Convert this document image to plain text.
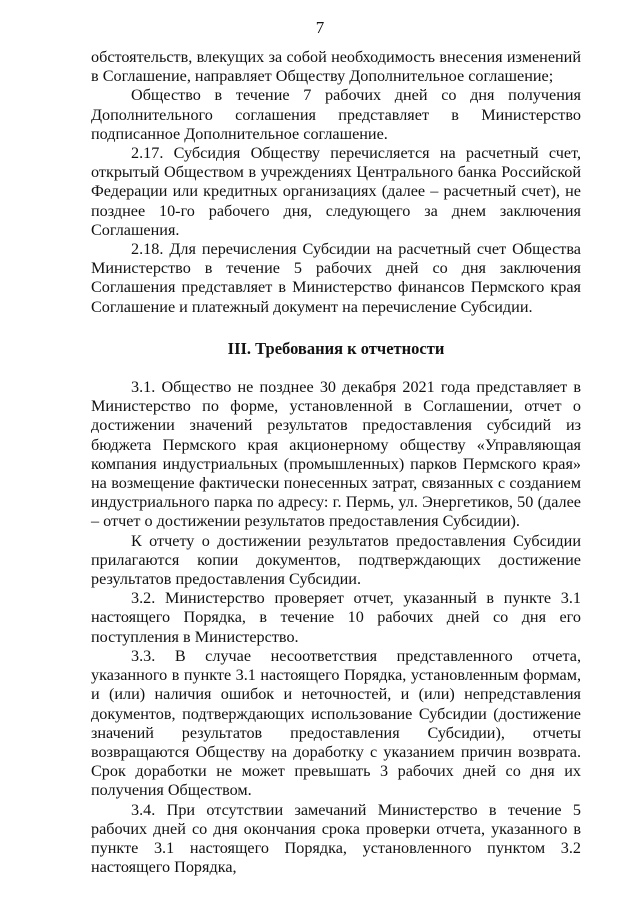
7

обстоятельств, влекущих за собой необходимость внесения изменений в Соглашение, направляет Обществу Дополнительное соглашение;

Общество в течение 7 рабочих дней со дня получения Дополнительного соглашения представляет в Министерство подписанное Дополнительное соглашение.

2.17. Субсидия Обществу перечисляется на расчетный счет, открытый Обществом в учреждениях Центрального банка Российской Федерации или кредитных организациях (далее – расчетный счет), не позднее 10-го рабочего дня, следующего за днем заключения Соглашения.

2.18. Для перечисления Субсидии на расчетный счет Общества Министерство в течение 5 рабочих дней со дня заключения Соглашения представляет в Министерство финансов Пермского края Соглашение и платежный документ на перечисление Субсидии.

III. Требования к отчетности

3.1. Общество не позднее 30 декабря 2021 года представляет в Министерство по форме, установленной в Соглашении, отчет о достижении значений результатов предоставления субсидий из бюджета Пермского края акционерному обществу «Управляющая компания индустриальных (промышленных) парков Пермского края» на возмещение фактически понесенных затрат, связанных с созданием индустриального парка по адресу: г. Пермь, ул. Энергетиков, 50 (далее – отчет о достижении результатов предоставления Субсидии).

К отчету о достижении результатов предоставления Субсидии прилагаются копии документов, подтверждающих достижение результатов предоставления Субсидии.

3.2. Министерство проверяет отчет, указанный в пункте 3.1 настоящего Порядка, в течение 10 рабочих дней со дня его поступления в Министерство.

3.3. В случае несоответствия представленного отчета, указанного в пункте 3.1 настоящего Порядка, установленным формам, и (или) наличия ошибок и неточностей, и (или) непредставления документов, подтверждающих использование Субсидии (достижение значений результатов предоставления Субсидии), отчеты возвращаются Обществу на доработку с указанием причин возврата. Срок доработки не может превышать 3 рабочих дней со дня их получения Обществом.

3.4. При отсутствии замечаний Министерство в течение 5 рабочих дней со дня окончания срока проверки отчета, указанного в пункте 3.1 настоящего Порядка, установленного пунктом 3.2 настоящего Порядка,
